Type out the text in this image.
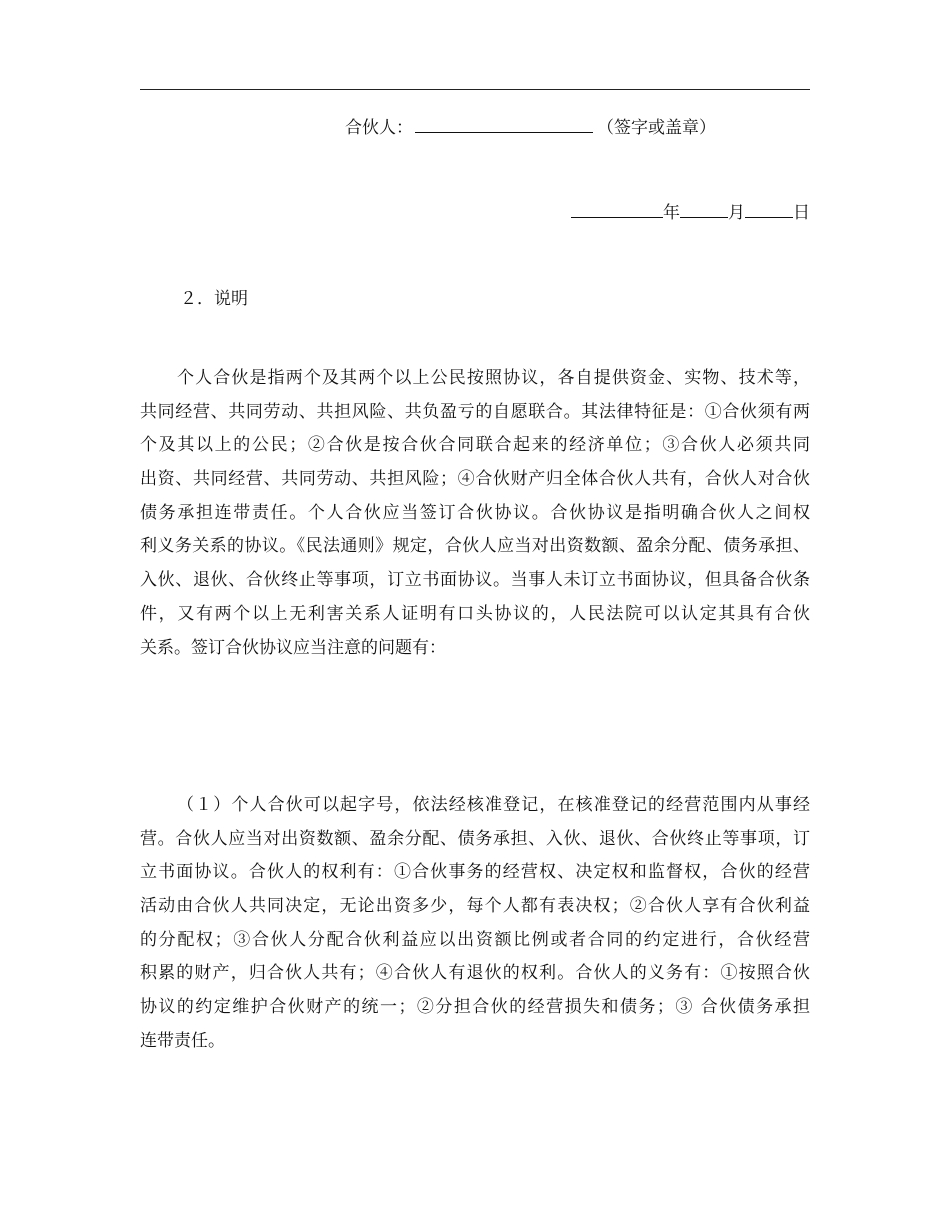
合伙人：	（签字或盖章）
年	月	日
２．说明
个人合伙是指两个及其两个以上公民按照协议，各自提供资金、实物、技术等，
共同经营、共同劳动、共担风险、共负盈亏的自愿联合。其法律特征是：①合伙须有两
个及其以上的公民；②合伙是按合伙合同联合起来的经济单位；③合伙人必须共同
出资、共同经营、共同劳动、共担风险；④合伙财产归全体合伙人共有，合伙人对合伙
债务承担连带责任。个人合伙应当签订合伙协议。合伙协议是指明确合伙人之间权
利义务关系的协议。《民法通则》规定，合伙人应当对出资数额、盈余分配、债务承担、
入伙、退伙、合伙终止等事项，订立书面协议。当事人未订立书面协议，但具备合伙条
件，又有两个以上无利害关系人证明有口头协议的，人民法院可以认定其具有合伙
关系。签订合伙协议应当注意的问题有：
（１）个人合伙可以起字号，依法经核准登记，在核准登记的经营范围内从事经
营。合伙人应当对出资数额、盈余分配、债务承担、入伙、退伙、合伙终止等事项，订
立书面协议。合伙人的权利有：①合伙事务的经营权、决定权和监督权，合伙的经营
活动由合伙人共同决定，无论出资多少，每个人都有表决权；②合伙人享有合伙利益
的分配权；③合伙人分配合伙利益应以出资额比例或者合同的约定进行，合伙经营
积累的财产，归合伙人共有；④合伙人有退伙的权利。合伙人的义务有：①按照合伙
协议的约定维护合伙财产的统一；②分担合伙的经营损失和债务；③ 合伙债务承担
连带责任。
